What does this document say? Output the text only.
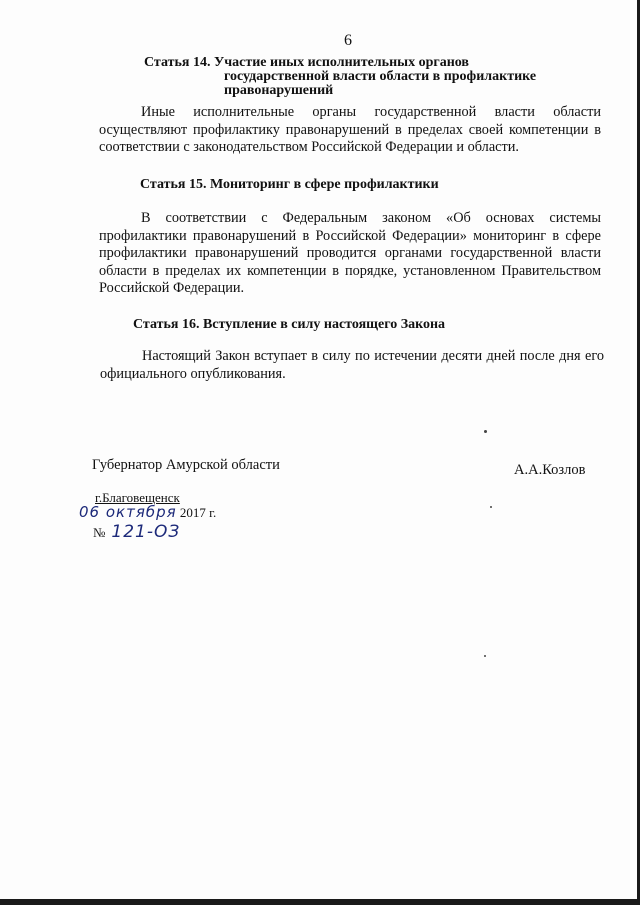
6
Статья 14. Участие иных исполнительных органов
государственной власти области в профилактике
правонарушений
Иные исполнительные органы государственной власти области осуществляют профилактику правонарушений в пределах своей компетенции в соответствии с законодательством Российской Федерации и области.
Статья 15. Мониторинг в сфере профилактики
В соответствии с Федеральным законом «Об основах системы профилактики правонарушений в Российской Федерации» мониторинг в сфере профилактики правонарушений проводится органами государственной власти области в пределах их компетенции в порядке, установленном Правительством Российской Федерации.
Статья 16. Вступление в силу настоящего Закона
Настоящий Закон вступает в силу по истечении десяти дней после дня его официального опубликования.
Губернатор Амурской области	А.А.Козлов
г.Благовещенск
06 октября 2017 г.
№ 121-ОЗ
